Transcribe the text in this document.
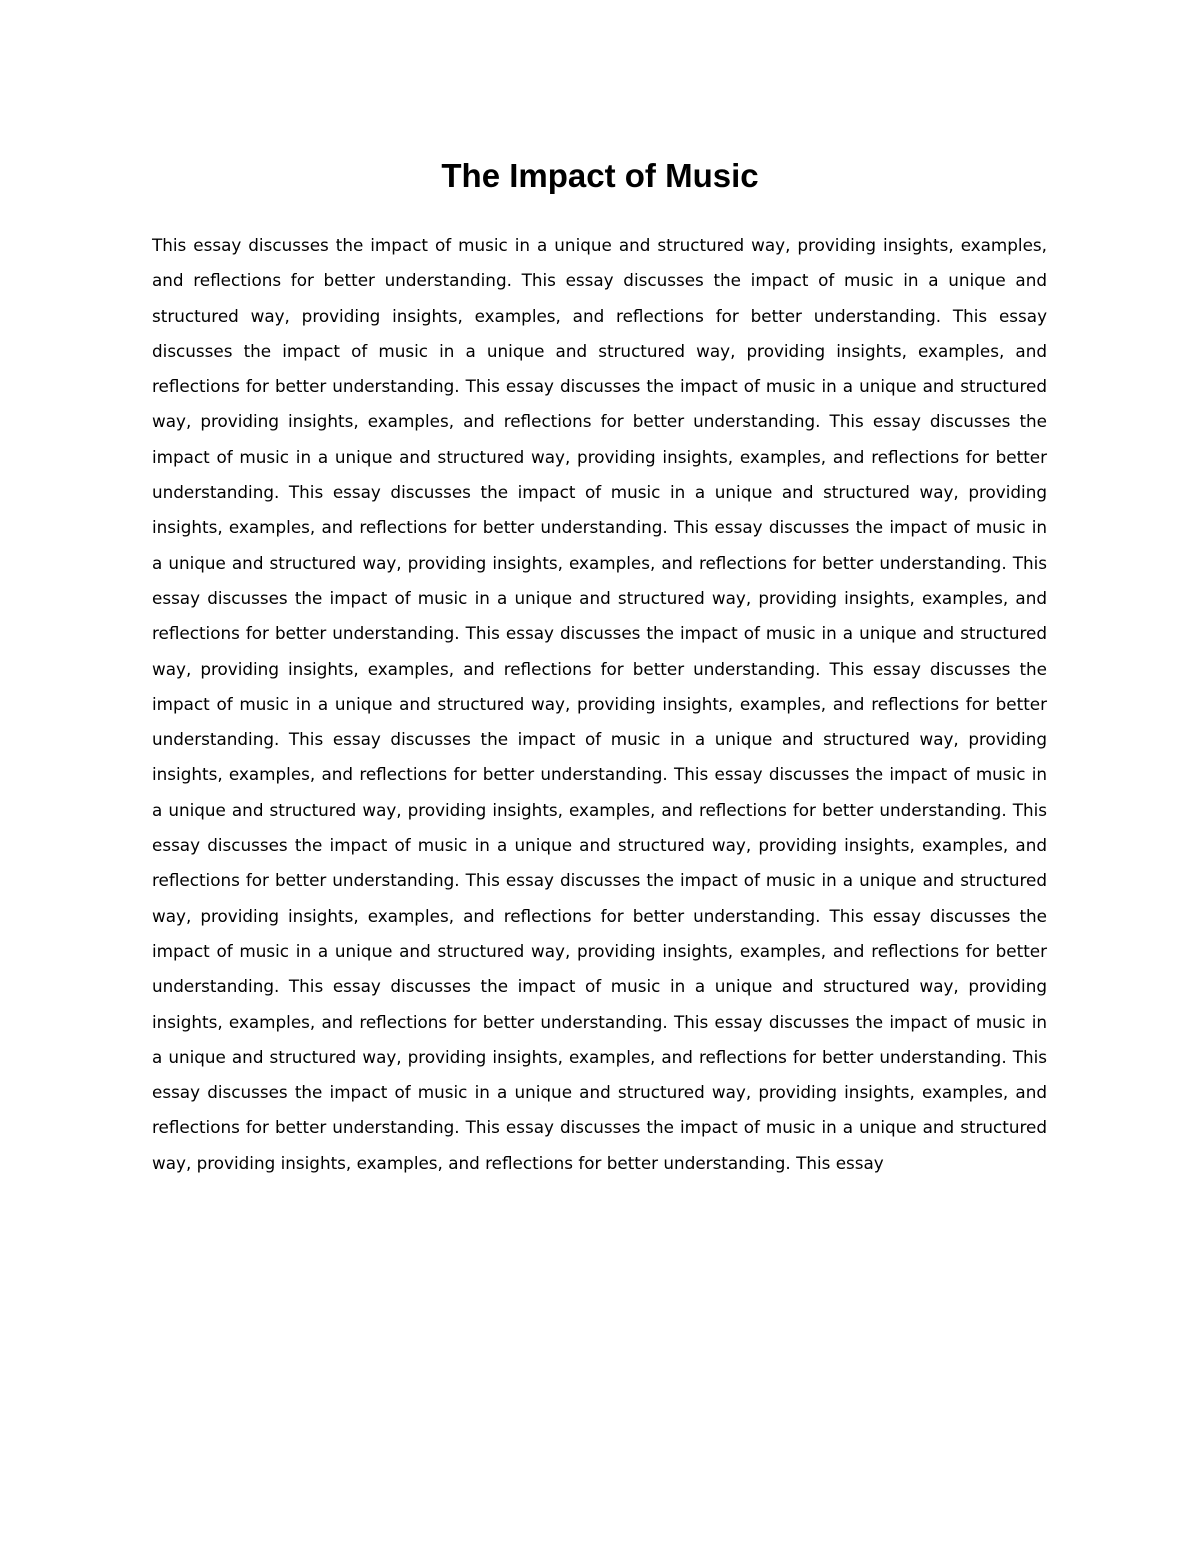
The Impact of Music

This essay discusses the impact of music in a unique and structured way, providing insights, examples, and reflections for better understanding. This essay discusses the impact of music in a unique and structured way, providing insights, examples, and reflections for better understanding. This essay discusses the impact of music in a unique and structured way, providing insights, examples, and reflections for better understanding. This essay discusses the impact of music in a unique and structured way, providing insights, examples, and reflections for better understanding. This essay discusses the impact of music in a unique and structured way, providing insights, examples, and reflections for better understanding. This essay discusses the impact of music in a unique and structured way, providing insights, examples, and reflections for better understanding. This essay discusses the impact of music in a unique and structured way, providing insights, examples, and reflections for better understanding. This essay discusses the impact of music in a unique and structured way, providing insights, examples, and reflections for better understanding. This essay discusses the impact of music in a unique and structured way, providing insights, examples, and reflections for better understanding. This essay discusses the impact of music in a unique and structured way, providing insights, examples, and reflections for better understanding. This essay discusses the impact of music in a unique and structured way, providing insights, examples, and reflections for better understanding. This essay discusses the impact of music in a unique and structured way, providing insights, examples, and reflections for better understanding. This essay discusses the impact of music in a unique and structured way, providing insights, examples, and reflections for better understanding. This essay discusses the impact of music in a unique and structured way, providing insights, examples, and reflections for better understanding. This essay discusses the impact of music in a unique and structured way, providing insights, examples, and reflections for better understanding. This essay discusses the impact of music in a unique and structured way, providing insights, examples, and reflections for better understanding. This essay discusses the impact of music in a unique and structured way, providing insights, examples, and reflections for better understanding. This essay discusses the impact of music in a unique and structured way, providing insights, examples, and reflections for better understanding. This essay discusses the impact of music in a unique and structured way, providing insights, examples, and reflections for better understanding. This essay
